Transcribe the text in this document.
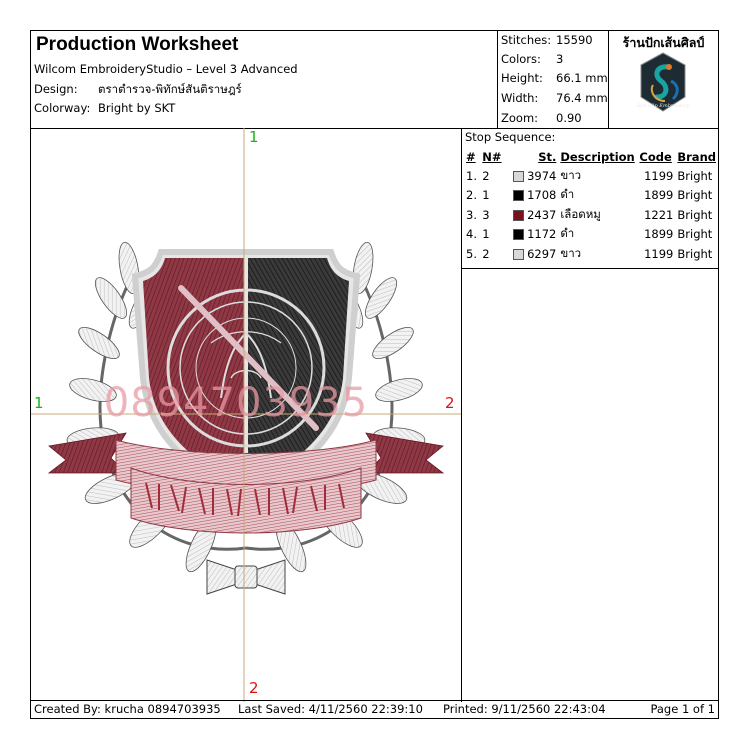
Production Worksheet
Wilcom EmbroideryStudio – Level 3 Advanced
Design: ตราตำรวจ-พิทักษ์สันติราษฎร์
Colorway: Bright by SKT
Stitches: 15590
Colors: 3
Height: 66.1 mm
Width: 76.4 mm
Zoom: 0.90
ร้านปักเส้นศิลป์
Sen Silp Embroidery
0894703935
1
1	2
2
Stop Sequence:
#	N#	St.	Description	Code	Brand
1.	2	3974	ขาว	1199	Bright
2.	1	1708	ดำ	1899	Bright
3.	3	2437	เลือดหมู	1221	Bright
4.	1	1172	ดำ	1899	Bright
5.	2	6297	ขาว	1199	Bright
Created By: krucha 0894703935 Last Saved: 4/11/2560 22:39:10 Printed: 9/11/2560 22:43:04	Page 1 of 1
